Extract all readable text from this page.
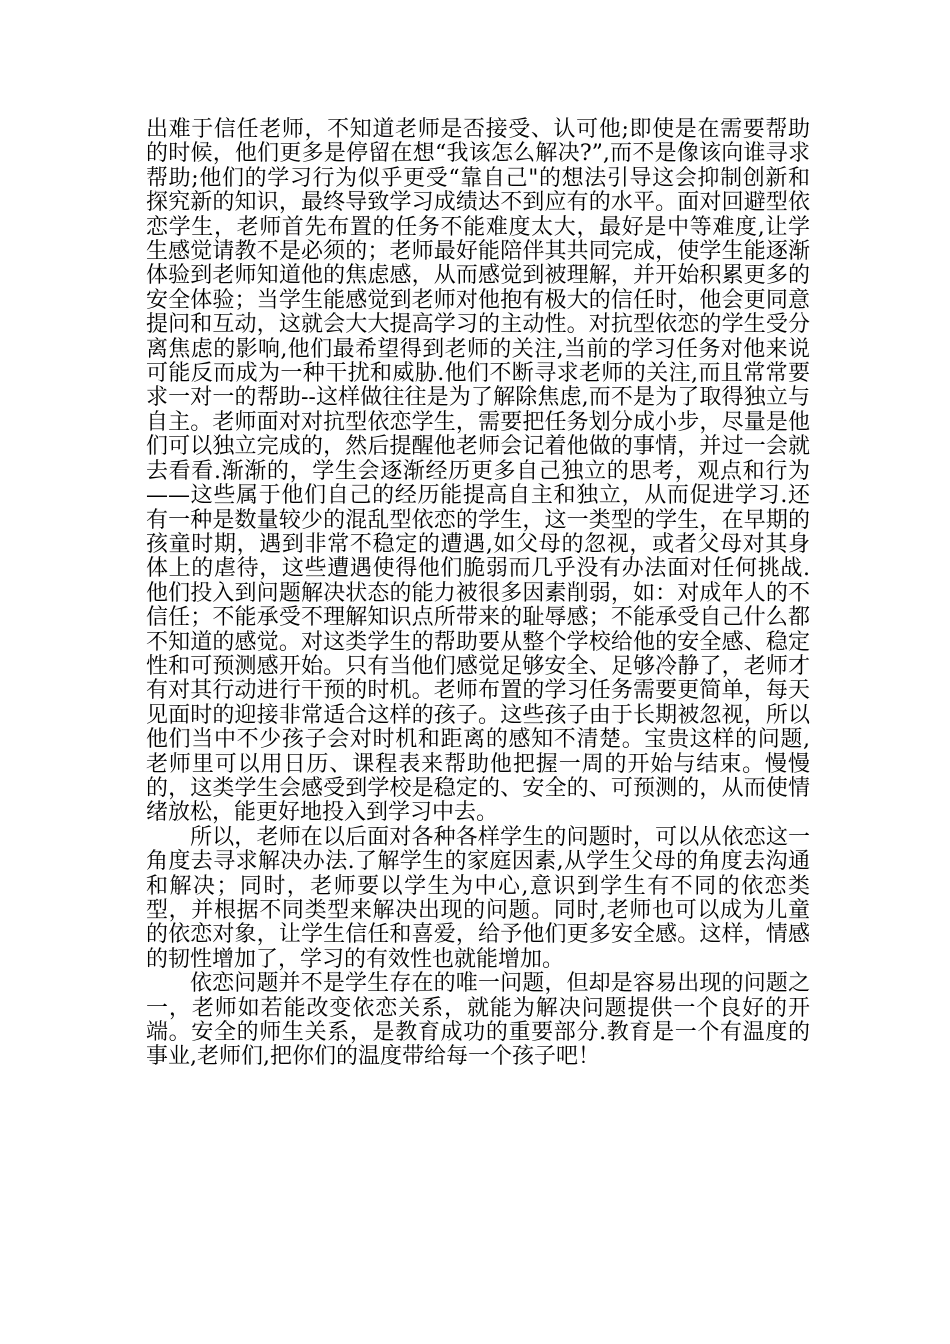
出难于信任老师，不知道老师是否接受、认可他;即使是在需要帮助的时候，他们更多是停留在想“我该怎么解决?”,而不是像该向谁寻求帮助;他们的学习行为似乎更受“靠自己"的想法引导这会抑制创新和探究新的知识，最终导致学习成绩达不到应有的水平。面对回避型依恋学生，老师首先布置的任务不能难度太大，最好是中等难度,让学生感觉请教不是必须的；老师最好能陪伴其共同完成，使学生能逐渐体验到老师知道他的焦虑感，从而感觉到被理解，并开始积累更多的安全体验；当学生能感觉到老师对他抱有极大的信任时，他会更同意提问和互动，这就会大大提高学习的主动性。对抗型依恋的学生受分离焦虑的影响,他们最希望得到老师的关注,当前的学习任务对他来说可能反而成为一种干扰和威胁.他们不断寻求老师的关注,而且常常要求一对一的帮助--这样做往往是为了解除焦虑,而不是为了取得独立与自主。老师面对对抗型依恋学生，需要把任务划分成小步，尽量是他们可以独立完成的，然后提醒他老师会记着他做的事情，并过一会就去看看.渐渐的，学生会逐渐经历更多自己独立的思考，观点和行为——这些属于他们自己的经历能提高自主和独立，从而促进学习.还有一种是数量较少的混乱型依恋的学生，这一类型的学生，在早期的孩童时期，遇到非常不稳定的遭遇,如父母的忽视，或者父母对其身体上的虐待，这些遭遇使得他们脆弱而几乎没有办法面对任何挑战.他们投入到问题解决状态的能力被很多因素削弱，如：对成年人的不信任；不能承受不理解知识点所带来的耻辱感；不能承受自己什么都不知道的感觉。对这类学生的帮助要从整个学校给他的安全感、稳定性和可预测感开始。只有当他们感觉足够安全、足够冷静了，老师才有对其行动进行干预的时机。老师布置的学习任务需要更简单，每天见面时的迎接非常适合这样的孩子。这些孩子由于长期被忽视，所以他们当中不少孩子会对时机和距离的感知不清楚。宝贵这样的问题,老师里可以用日历、课程表来帮助他把握一周的开始与结束。慢慢的，这类学生会感受到学校是稳定的、安全的、可预测的，从而使情绪放松，能更好地投入到学习中去。

所以，老师在以后面对各种各样学生的问题时，可以从依恋这一角度去寻求解决办法.了解学生的家庭因素,从学生父母的角度去沟通和解决；同时，老师要以学生为中心,意识到学生有不同的依恋类型，并根据不同类型来解决出现的问题。同时,老师也可以成为儿童的依恋对象，让学生信任和喜爱，给予他们更多安全感。这样，情感的韧性增加了，学习的有效性也就能增加。

依恋问题并不是学生存在的唯一问题，但却是容易出现的问题之一，老师如若能改变依恋关系，就能为解决问题提供一个良好的开端。安全的师生关系，是教育成功的重要部分.教育是一个有温度的事业,老师们,把你们的温度带给每一个孩子吧！
